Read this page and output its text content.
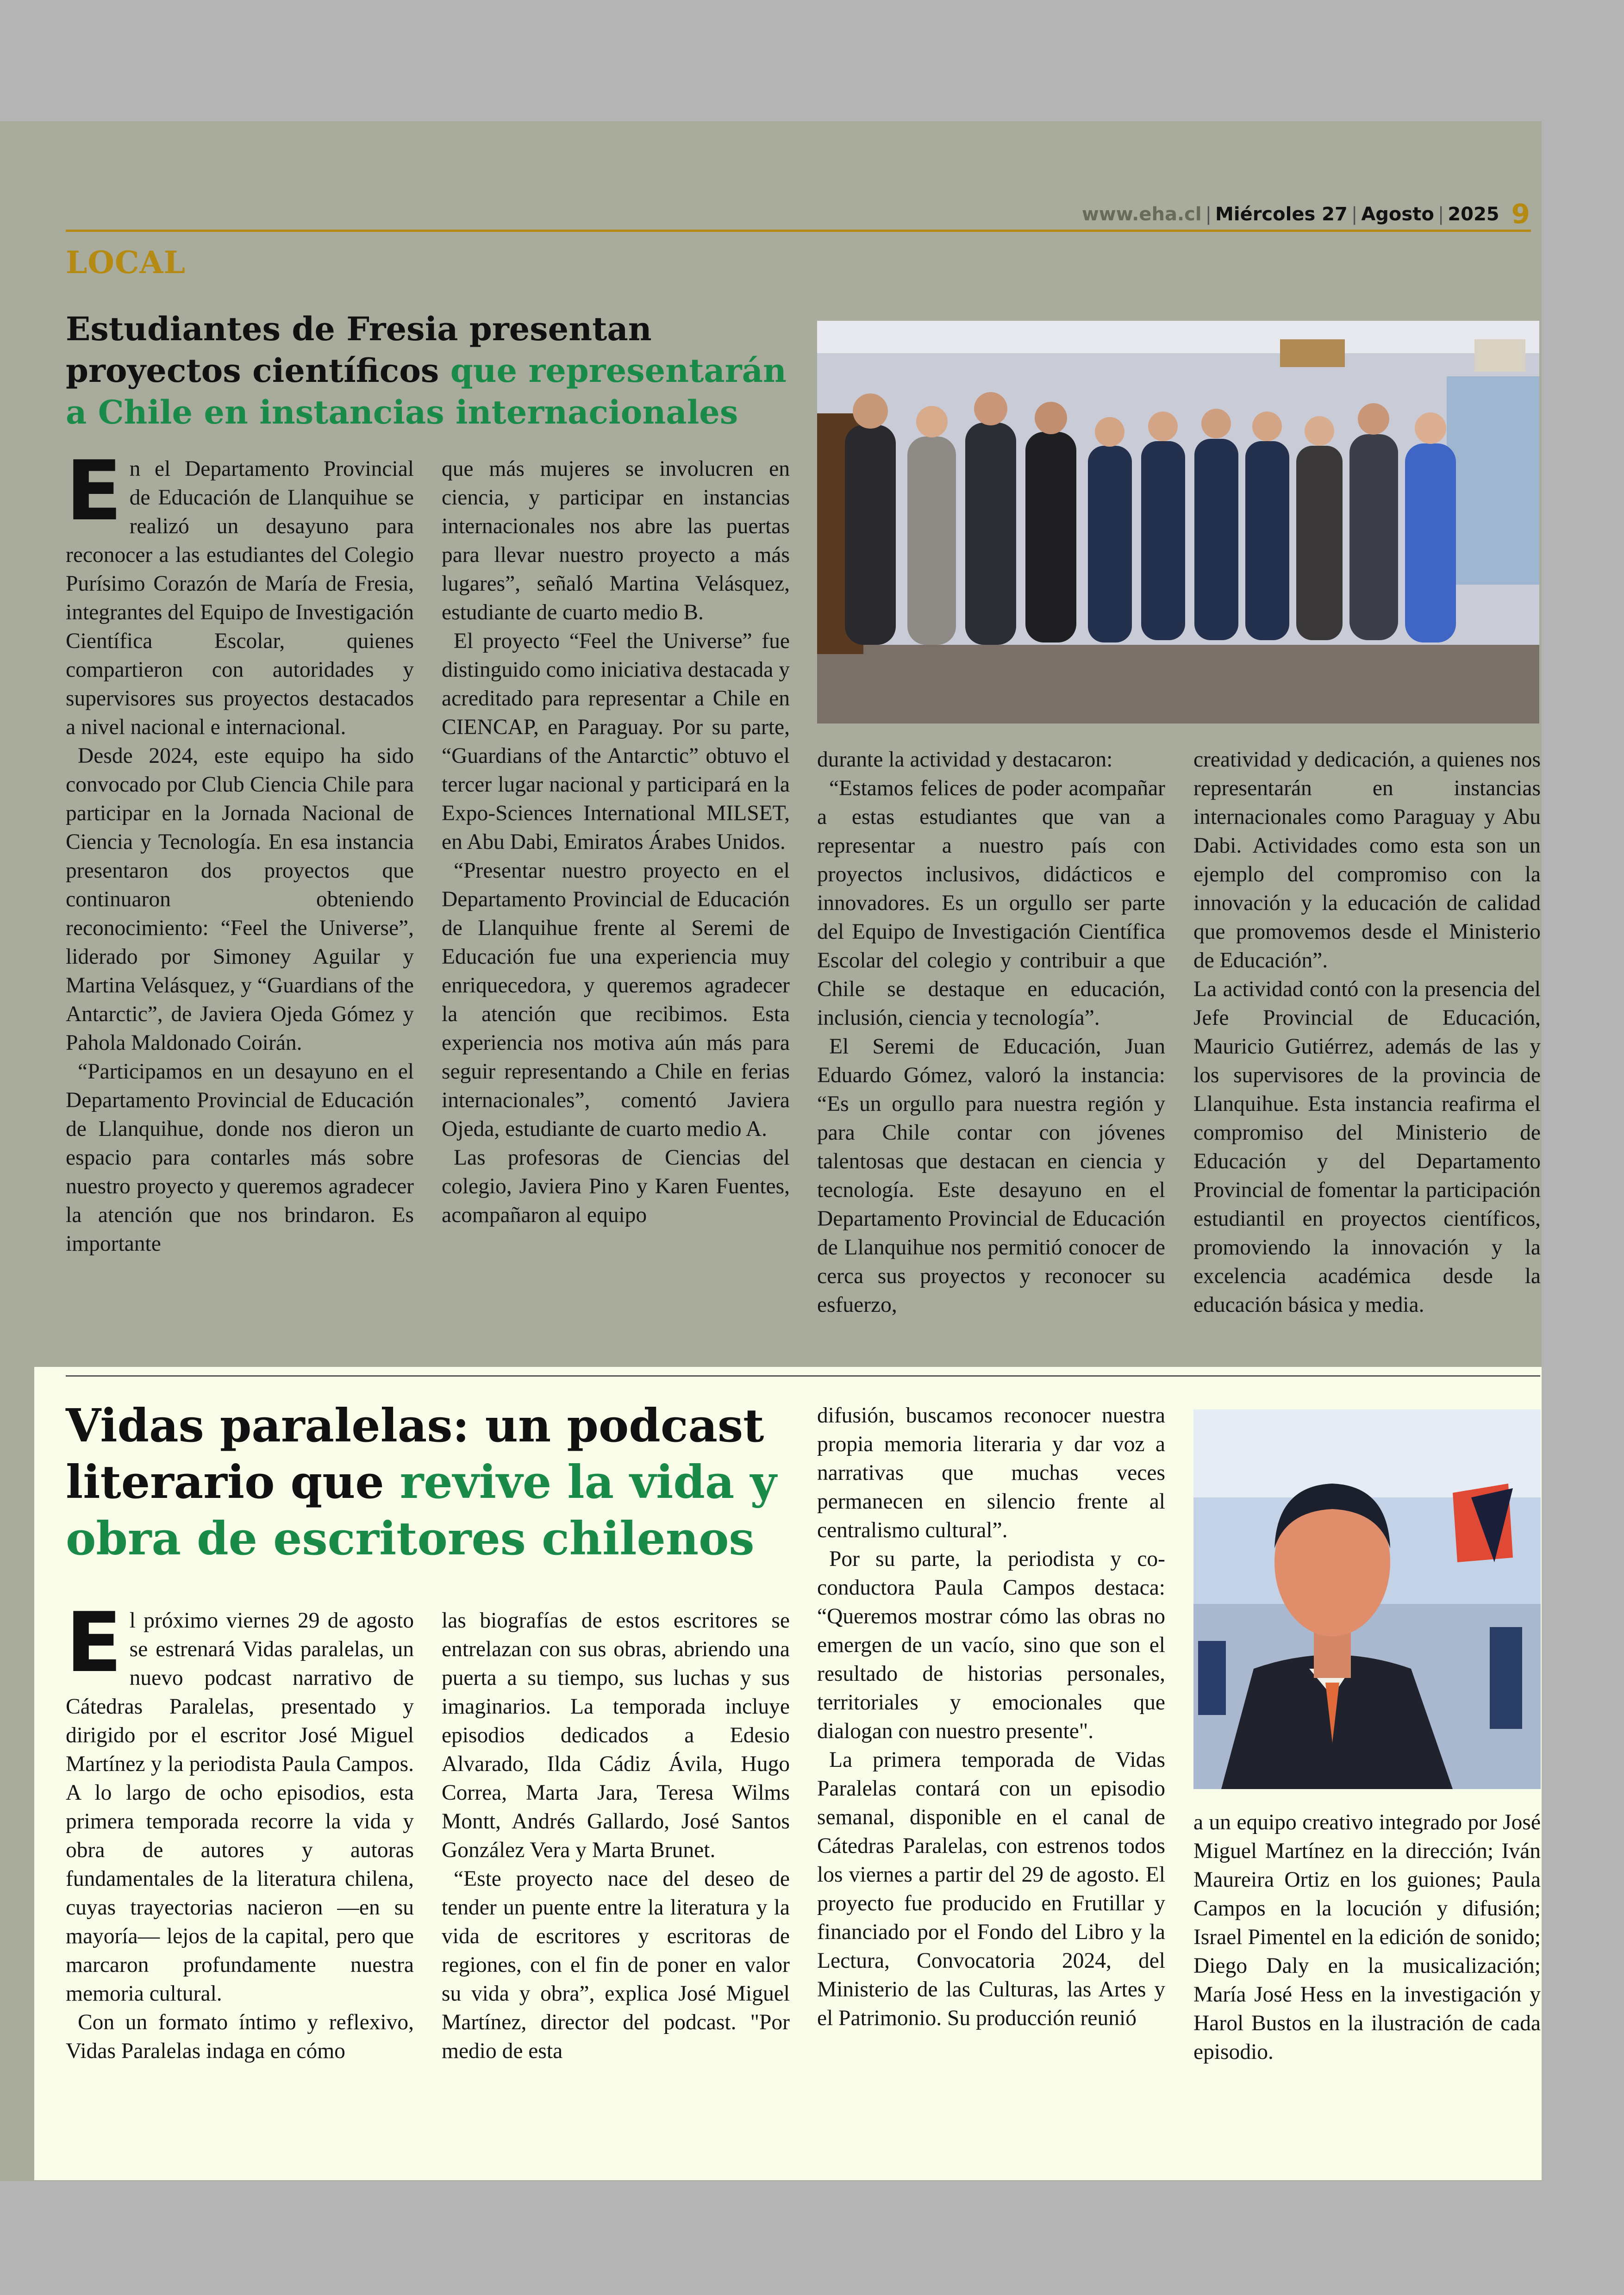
www.eha.cl | Miércoles 27 | Agosto | 2025 9
LOCAL
Estudiantes de Fresia presentan proyectos científicos que representarán a Chile en instancias internacionales

En el Departamento Provincial de Educación de Llanquihue se realizó un desayuno para reconocer a las estudiantes del Colegio Purísimo Corazón de María de Fresia, integrantes del Equipo de Investigación Científica Escolar, quienes compartieron con autoridades y supervisores sus proyectos destacados a nivel nacional e internacional.

Desde 2024, este equipo ha sido convocado por Club Ciencia Chile para participar en la Jornada Nacional de Ciencia y Tecnología. En esa instancia presentaron dos proyectos que continuaron obteniendo reconocimiento: “Feel the Universe”, liderado por Simoney Aguilar y Martina Velásquez, y “Guardians of the Antarctic”, de Javiera Ojeda Gómez y Pahola Maldonado Coirán.

“Participamos en un desayuno en el Departamento Provincial de Educación de Llanquihue, donde nos dieron un espacio para contarles más sobre nuestro proyecto y queremos agradecer la atención que nos brindaron. Es importante

que más mujeres se involucren en ciencia, y participar en instancias internacionales nos abre las puertas para llevar nuestro proyecto a más lugares”, señaló Martina Velásquez, estudiante de cuarto medio B.

El proyecto “Feel the Universe” fue distinguido como iniciativa destacada y acreditado para representar a Chile en CIENCAP, en Paraguay. Por su parte, “Guardians of the Antarctic” obtuvo el tercer lugar nacional y participará en la Expo-Sciences International MILSET, en Abu Dabi, Emiratos Árabes Unidos.

“Presentar nuestro proyecto en el Departamento Provincial de Educación de Llanquihue frente al Seremi de Educación fue una experiencia muy enriquecedora, y queremos agradecer la atención que recibimos. Esta experiencia nos motiva aún más para seguir representando a Chile en ferias internacionales”, comentó Javiera Ojeda, estudiante de cuarto medio A.

Las profesoras de Ciencias del colegio, Javiera Pino y Karen Fuentes, acompañaron al equipo

durante la actividad y destacaron:

“Estamos felices de poder acompañar a estas estudiantes que van a representar a nuestro país con proyectos inclusivos, didácticos e innovadores. Es un orgullo ser parte del Equipo de Investigación Científica Escolar del colegio y contribuir a que Chile se destaque en educación, inclusión, ciencia y tecnología”.

El Seremi de Educación, Juan Eduardo Gómez, valoró la instancia: “Es un orgullo para nuestra región y para Chile contar con jóvenes talentosas que destacan en ciencia y tecnología. Este desayuno en el Departamento Provincial de Educación de Llanquihue nos permitió conocer de cerca sus proyectos y reconocer su esfuerzo,

creatividad y dedicación, a quienes nos representarán en instancias internacionales como Paraguay y Abu Dabi. Actividades como esta son un ejemplo del compromiso con la innovación y la educación de calidad que promovemos desde el Ministerio de Educación”.

La actividad contó con la presencia del Jefe Provincial de Educación, Mauricio Gutiérrez, además de las y los supervisores de la provincia de Llanquihue. Esta instancia reafirma el compromiso del Ministerio de Educación y del Departamento Provincial de fomentar la participación estudiantil en proyectos científicos, promoviendo la innovación y la excelencia académica desde la educación básica y media.

Vidas paralelas: un podcast literario que revive la vida y obra de escritores chilenos

El próximo viernes 29 de agosto se estrenará Vidas paralelas, un nuevo podcast narrativo de Cátedras Paralelas, presentado y dirigido por el escritor José Miguel Martínez y la periodista Paula Campos. A lo largo de ocho episodios, esta primera temporada recorre la vida y obra de autores y autoras fundamentales de la literatura chilena, cuyas trayectorias nacieron —en su mayoría— lejos de la capital, pero que marcaron profundamente nuestra memoria cultural.

Con un formato íntimo y reflexivo, Vidas Paralelas indaga en cómo

las biografías de estos escritores se entrelazan con sus obras, abriendo una puerta a su tiempo, sus luchas y sus imaginarios. La temporada incluye episodios dedicados a Edesio Alvarado, Ilda Cádiz Ávila, Hugo Correa, Marta Jara, Teresa Wilms Montt, Andrés Gallardo, José Santos González Vera y Marta Brunet.

“Este proyecto nace del deseo de tender un puente entre la literatura y la vida de escritores y escritoras de regiones, con el fin de poner en valor su vida y obra”, explica José Miguel Martínez, director del podcast. "Por medio de esta

difusión, buscamos reconocer nuestra propia memoria literaria y dar voz a narrativas que muchas veces permanecen en silencio frente al centralismo cultural”.

Por su parte, la periodista y co-conductora Paula Campos destaca: “Queremos mostrar cómo las obras no emergen de un vacío, sino que son el resultado de historias personales, territoriales y emocionales que dialogan con nuestro presente".

La primera temporada de Vidas Paralelas contará con un episodio semanal, disponible en el canal de Cátedras Paralelas, con estrenos todos los viernes a partir del 29 de agosto. El proyecto fue producido en Frutillar y financiado por el Fondo del Libro y la Lectura, Convocatoria 2024, del Ministerio de las Culturas, las Artes y el Patrimonio. Su producción reunió

a un equipo creativo integrado por José Miguel Martínez en la dirección; Iván Maureira Ortiz en los guiones; Paula Campos en la locución y difusión; Israel Pimentel en la edición de sonido; Diego Daly en la musicalización; María José Hess en la investigación y Harol Bustos en la ilustración de cada episodio.
